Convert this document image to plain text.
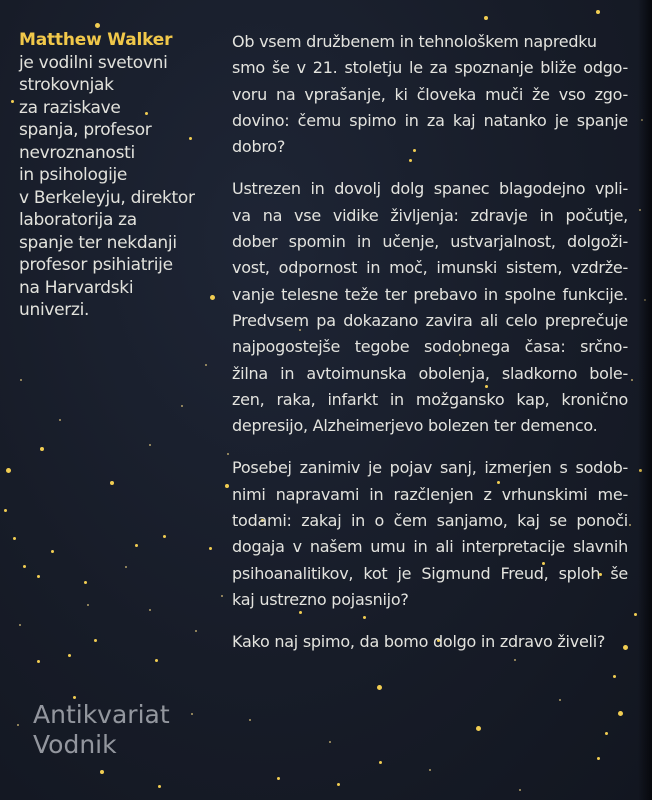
Matthew Walker
je vodilni svetovni
strokovnjak
za raziskave
spanja, profesor
nevroznanosti
in psihologije
v Berkeleyju, direktor
laboratorija za
spanje ter nekdanji
profesor psihiatrije
na Harvardski
univerzi.
Ob vsem družbenem in tehnološkem napredku
smo še v 21. stoletju le za spoznanje bliže odgo-
voru na vprašanje, ki človeka muči že vso zgo-
dovino: čemu spimo in za kaj natanko je spanje
dobro?
Ustrezen in dovolj dolg spanec blagodejno vpli-
va na vse vidike življenja: zdravje in počutje,
dober spomin in učenje, ustvarjalnost, dolgoži-
vost, odpornost in moč, imunski sistem, vzdrže-
vanje telesne teže ter prebavo in spolne funkcije.
Predvsem pa dokazano zavira ali celo preprečuje
najpogostejše tegobe sodobnega časa: srčno-
žilna in avtoimunska obolenja, sladkorno bole-
zen, raka, infarkt in možgansko kap, kronično
depresijo, Alzheimerjevo bolezen ter demenco.
Posebej zanimiv je pojav sanj, izmerjen s sodob-
nimi napravami in razčlenjen z vrhunskimi me-
todami: zakaj in o čem sanjamo, kaj se ponoči
dogaja v našem umu in ali interpretacije slavnih
psihoanalitikov, kot je Sigmund Freud, sploh še
kaj ustrezno pojasnijo?
Kako naj spimo, da bomo dolgo in zdravo živeli?
Antikvariat
Vodnik
